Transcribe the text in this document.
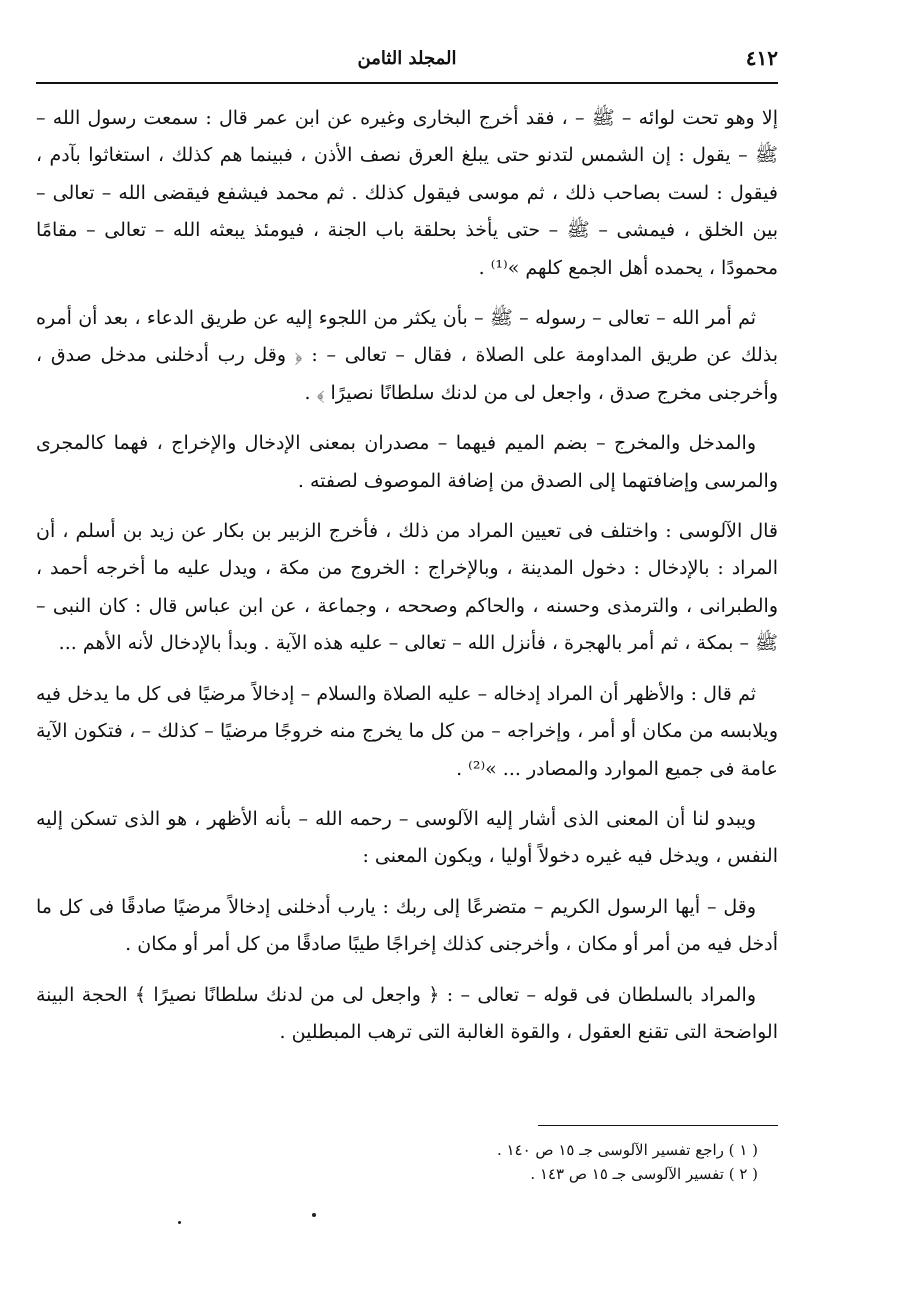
٤١٢
المجلد الثامن

إلا وهو تحت لوائه – ﷺ – ، فقد أخرج البخارى وغيره عن ابن عمر قال : سمعت رسول الله – ﷺ – يقول : إن الشمس لتدنو حتى يبلغ العرق نصف الأذن ، فبينما هم كذلك ، استغاثوا بآدم ، فيقول : لست بصاحب ذلك ، ثم موسى فيقول كذلك . ثم محمد فيشفع فيقضى الله – تعالى – بين الخلق ، فيمشى – ﷺ – حتى يأخذ بحلقة باب الجنة ، فيومئذ يبعثه الله – تعالى – مقامًا محمودًا ، يحمده أهل الجمع كلهم »⁽¹⁾ .

ثم أمر الله – تعالى – رسوله – ﷺ – بأن يكثر من اللجوء إليه عن طريق الدعاء ، بعد أن أمره بذلك عن طريق المداومة على الصلاة ، فقال – تعالى – : ﴿ وقل رب أدخلنى مدخل صدق ، وأخرجنى مخرج صدق ، واجعل لى من لدنك سلطانًا نصيرًا ﴾ .

والمدخل والمخرج – بضم الميم فيهما – مصدران بمعنى الإدخال والإخراج ، فهما كالمجرى والمرسى وإضافتهما إلى الصدق من إضافة الموصوف لصفته .

قال الآلوسى : واختلف فى تعيين المراد من ذلك ، فأخرج الزبير بن بكار عن زيد بن أسلم ، أن المراد : بالإدخال : دخول المدينة ، وبالإخراج : الخروج من مكة ، ويدل عليه ما أخرجه أحمد ، والطبرانى ، والترمذى وحسنه ، والحاكم وصححه ، وجماعة ، عن ابن عباس قال : كان النبى – ﷺ – بمكة ، ثم أمر بالهجرة ، فأنزل الله – تعالى – عليه هذه الآية . وبدأ بالإدخال لأنه الأهم ...

ثم قال : والأظهر أن المراد إدخاله – عليه الصلاة والسلام – إدخالاً مرضيًا فى كل ما يدخل فيه ويلابسه من مكان أو أمر ، وإخراجه – من كل ما يخرج منه خروجًا مرضيًا – كذلك – ، فتكون الآية عامة فى جميع الموارد والمصادر ... »⁽²⁾ .

ويبدو لنا أن المعنى الذى أشار إليه الآلوسى – رحمه الله – بأنه الأظهر ، هو الذى تسكن إليه النفس ، ويدخل فيه غيره دخولاً أوليا ، ويكون المعنى :

وقل – أيها الرسول الكريم – متضرعًا إلى ربك : يارب أدخلنى إدخالاً مرضيًا صادقًا فى كل ما أدخل فيه من أمر أو مكان ، وأخرجنى كذلك إخراجًا طيبًا صادقًا من كل أمر أو مكان .

والمراد بالسلطان فى قوله – تعالى – : ﴿ واجعل لى من لدنك سلطانًا نصيرًا ﴾ الحجة البينة الواضحة التى تقنع العقول ، والقوة الغالبة التى ترهب المبطلين .

( ١ ) راجع تفسير الآلوسى جـ ١٥ ص ١٤٠ .

( ٢ ) تفسير الآلوسى جـ ١٥ ص ١٤٣ .
